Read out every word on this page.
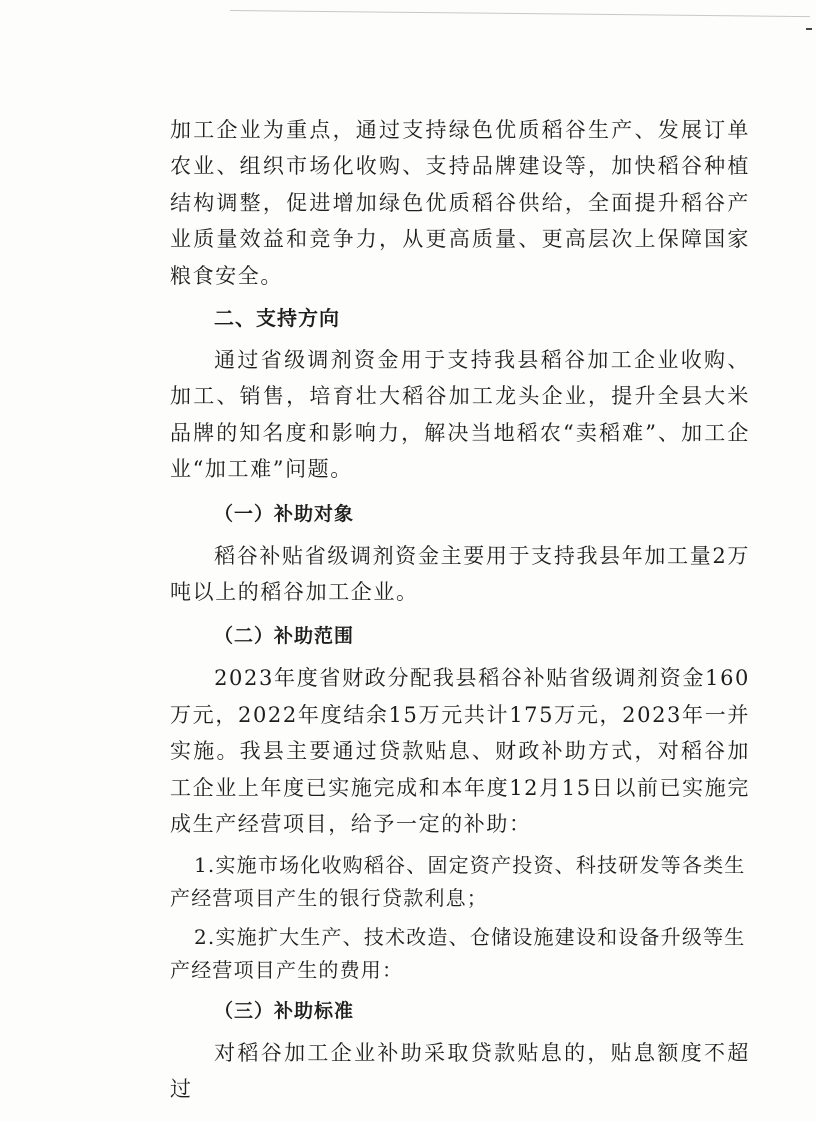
加工企业为重点，通过支持绿色优质稻谷生产、发展订单农业、组织市场化收购、支持品牌建设等，加快稻谷种植结构调整，促进增加绿色优质稻谷供给，全面提升稻谷产业质量效益和竞争力，从更高质量、更高层次上保障国家粮食安全。

二、支持方向

通过省级调剂资金用于支持我县稻谷加工企业收购、加工、销售，培育壮大稻谷加工龙头企业，提升全县大米品牌的知名度和影响力，解决当地稻农“卖稻难”、加工企业“加工难”问题。

（一）补助对象

稻谷补贴省级调剂资金主要用于支持我县年加工量2万吨以上的稻谷加工企业。

（二）补助范围

2023年度省财政分配我县稻谷补贴省级调剂资金160万元，2022年度结余15万元共计175万元，2023年一并实施。我县主要通过贷款贴息、财政补助方式，对稻谷加工企业上年度已实施完成和本年度12月15日以前已实施完成生产经营项目，给予一定的补助：

1.实施市场化收购稻谷、固定资产投资、科技研发等各类生产经营项目产生的银行贷款利息；

2.实施扩大生产、技术改造、仓储设施建设和设备升级等生产经营项目产生的费用：

（三）补助标准

对稻谷加工企业补助采取贷款贴息的，贴息额度不超过
